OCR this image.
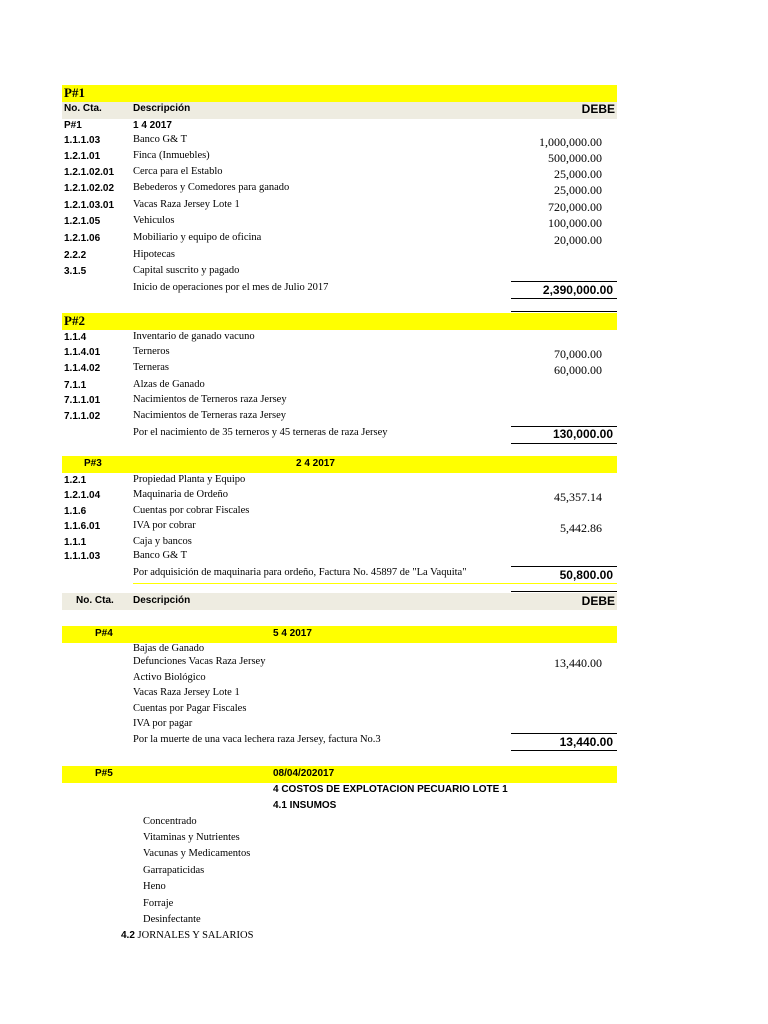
P#1
No. Cta.	Descripción	DEBE
P#1	1 4 2017
1.1.1.03	Banco G& T	1,000,000.00
1.2.1.01	Finca (Inmuebles)	500,000.00
1.2.1.02.01 Cerca para el Establo	25,000.00
1.2.1.02.02 Bebederos y Comedores para ganado	25,000.00
1.2.1.03.01 Vacas Raza Jersey Lote 1	720,000.00
1.2.1.05	Vehiculos	100,000.00
1.2.1.06	Mobiliario y equipo de oficina	20,000.00
2.2.2	Hipotecas
3.1.5	Capital suscrito y pagado
Inicio de operaciones por el mes de Julio 2017	2,390,000.00
P#2
1.1.4	Inventario de ganado vacuno
1.1.4.01	Terneros	70,000.00
1.1.4.02	Terneras	60,000.00
7.1.1	Alzas de Ganado
7.1.1.01	Nacimientos de Terneros raza Jersey
7.1.1.02	Nacimientos de Terneras raza Jersey
Por el nacimiento de 35 terneros y 45 terneras de raza Jersey	130,000.00
P#3	2 4 2017
1.2.1	Propiedad Planta y Equipo
1.2.1.04	Maquinaria de Ordeño	45,357.14
1.1.6	Cuentas por cobrar Fiscales
1.1.6.01	IVA por cobrar	5,442.86
1.1.1	Caja y bancos
1.1.1.03	Banco G& T
Por adquisición de maquinaria para ordeño, Factura No. 45897 de "La Vaquita"	50,800.00
No. Cta. Descripción	DEBE
P#4	5 4 2017
Bajas de Ganado
Defunciones Vacas Raza Jersey	13,440.00
Activo Biológico
Vacas Raza Jersey Lote 1
Cuentas por Pagar Fiscales
IVA por pagar
Por la muerte de una vaca lechera raza Jersey, factura No.3	13,440.00
P#5	08/04/202017
4 COSTOS DE EXPLOTACION PECUARIO LOTE 1
4.1 INSUMOS
Concentrado
Vitaminas y Nutrientes
Vacunas y Medicamentos
Garrapaticidas
Heno
Forraje
Desinfectante
4.2 JORNALES Y SALARIOS
